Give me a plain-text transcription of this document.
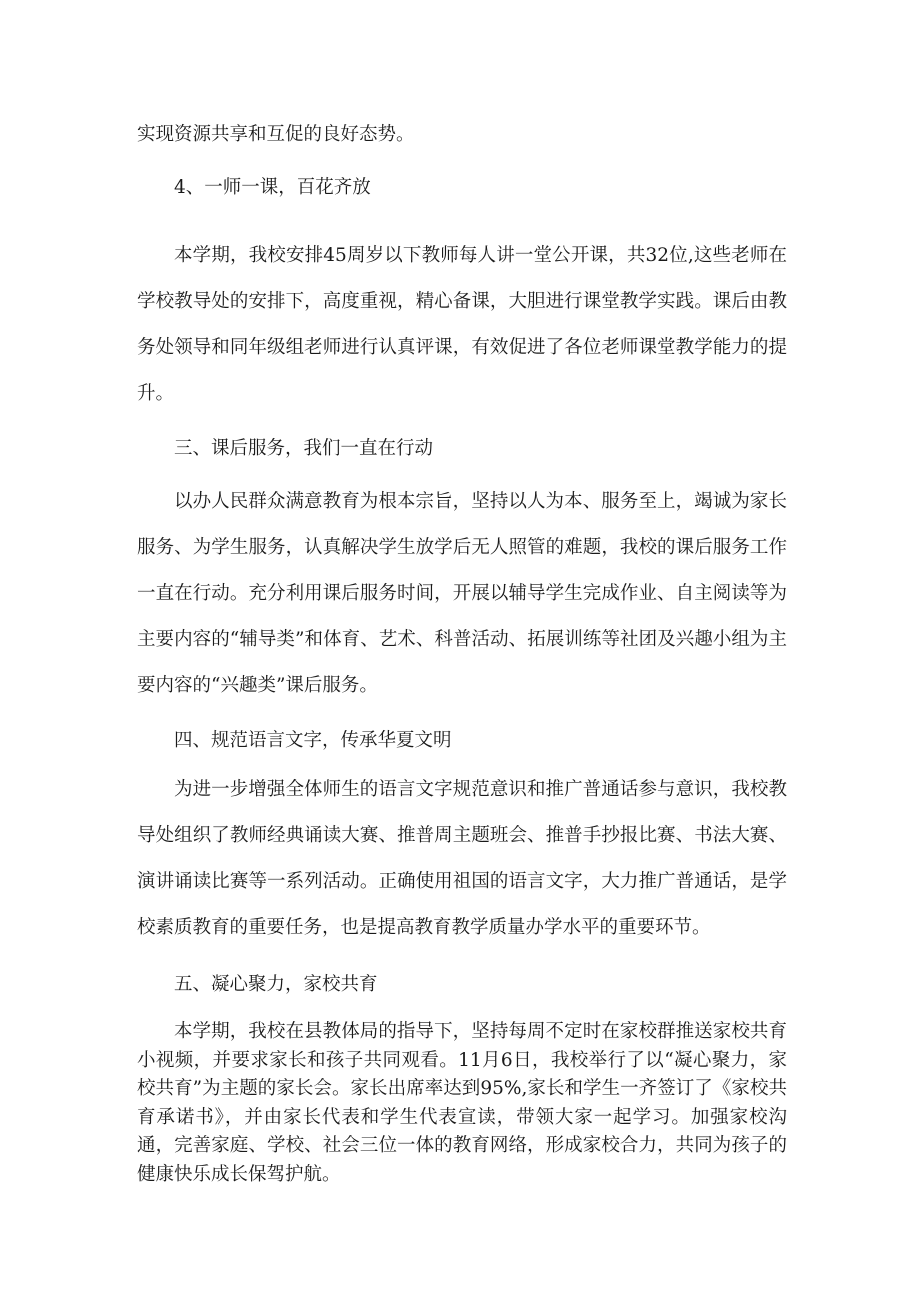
实现资源共享和互促的良好态势。

4、一师一课，百花齐放

本学期，我校安排45周岁以下教师每人讲一堂公开课，共32位,这些老师在学校教导处的安排下，高度重视，精心备课，大胆进行课堂教学实践。课后由教务处领导和同年级组老师进行认真评课，有效促进了各位老师课堂教学能力的提升。

三、课后服务，我们一直在行动

以办人民群众满意教育为根本宗旨，坚持以人为本、服务至上，竭诚为家长服务、为学生服务，认真解决学生放学后无人照管的难题，我校的课后服务工作一直在行动。充分利用课后服务时间，开展以辅导学生完成作业、自主阅读等为主要内容的“辅导类”和体育、艺术、科普活动、拓展训练等社团及兴趣小组为主要内容的“兴趣类”课后服务。

四、规范语言文字，传承华夏文明

为进一步增强全体师生的语言文字规范意识和推广普通话参与意识，我校教导处组织了教师经典诵读大赛、推普周主题班会、推普手抄报比赛、书法大赛、演讲诵读比赛等一系列活动。正确使用祖国的语言文字，大力推广普通话，是学校素质教育的重要任务，也是提高教育教学质量办学水平的重要环节。

五、凝心聚力，家校共育

本学期，我校在县教体局的指导下，坚持每周不定时在家校群推送家校共育小视频，并要求家长和孩子共同观看。11月6日，我校举行了以“凝心聚力，家校共育”为主题的家长会。家长出席率达到95%,家长和学生一齐签订了《家校共育承诺书》，并由家长代表和学生代表宣读，带领大家一起学习。加强家校沟通，完善家庭、学校、社会三位一体的教育网络，形成家校合力，共同为孩子的健康快乐成长保驾护航。
